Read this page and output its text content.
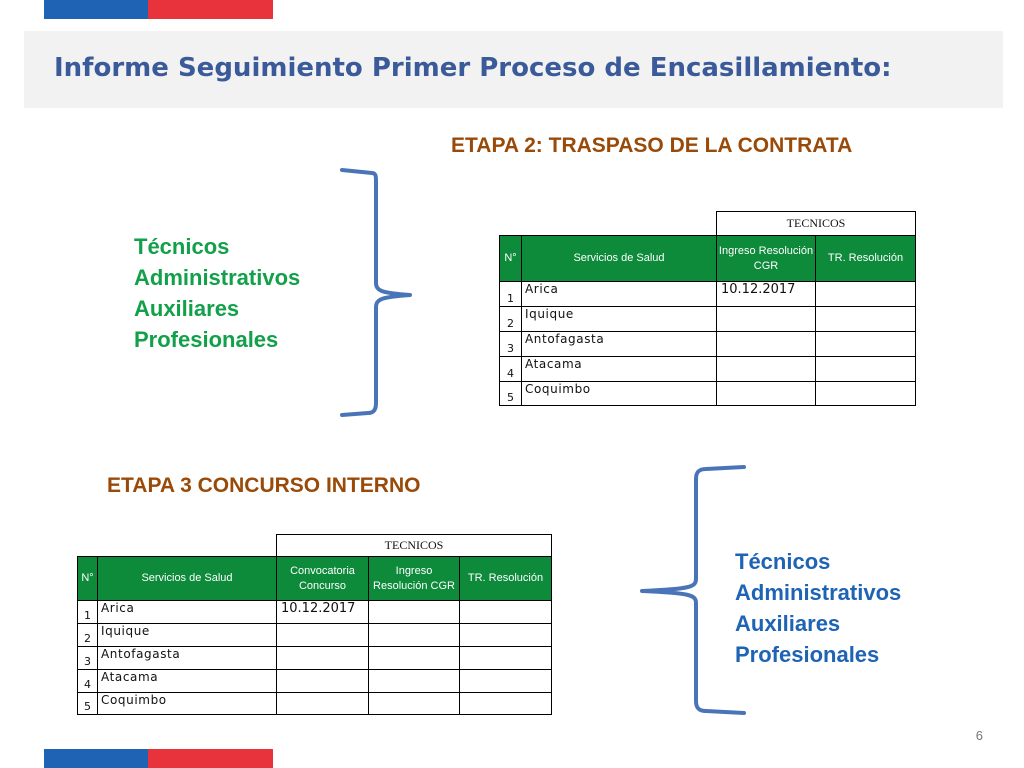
Informe Seguimiento Primer Proceso de Encasillamiento:
ETAPA 2: TRASPASO DE LA CONTRATA
Técnicos
Administrativos
Auxiliares
Profesionales
		TECNICOS	
N°	Servicios de Salud	Ingreso Resolución CGR	TR. Resolución
1	Arica	10.12.2017	
2	Iquique		
3	Antofagasta		
4	Atacama		
5	Coquimbo		
ETAPA 3 CONCURSO INTERNO
		TECNICOS		
N°	Servicios de Salud	Convocatoria Concurso	Ingreso Resolución CGR	TR. Resolución
1	Arica	10.12.2017		
2	Iquique			
3	Antofagasta			
4	Atacama			
5	Coquimbo			
Técnicos
Administrativos
Auxiliares
Profesionales
6
